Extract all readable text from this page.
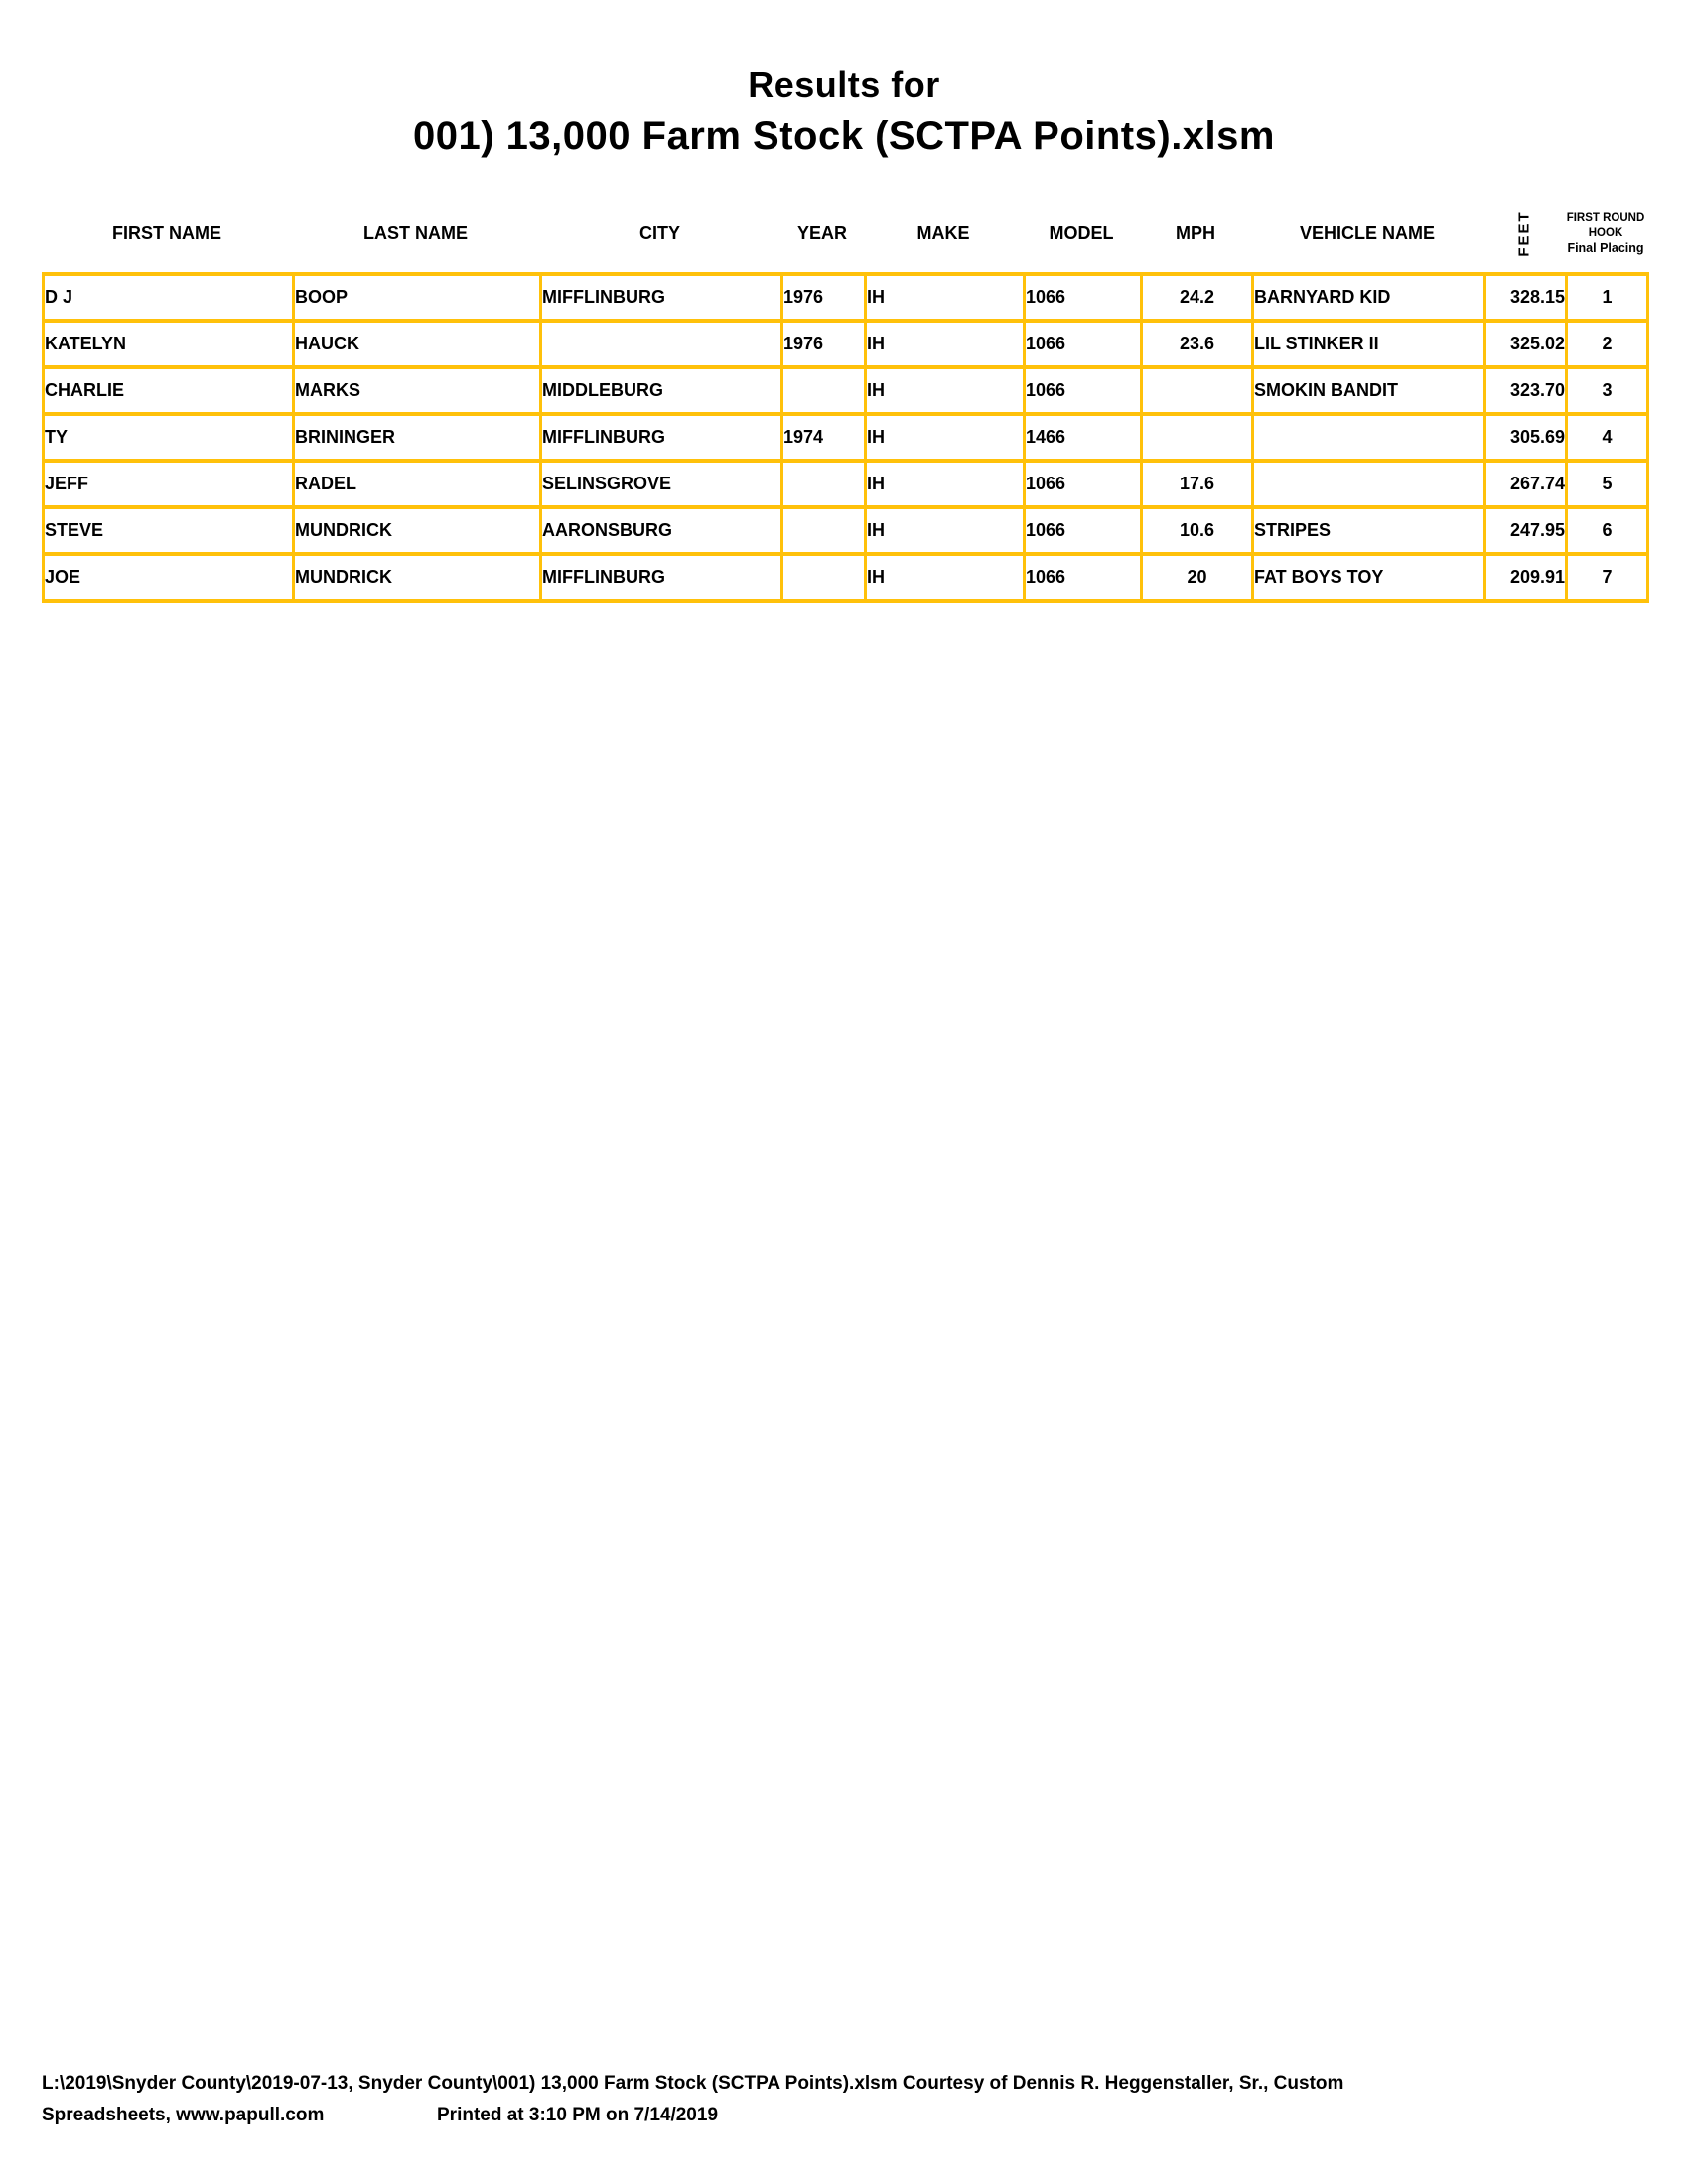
Results for
001) 13,000 Farm Stock (SCTPA Points).xlsm
FIRST NAME	LAST NAME	CITY	YEAR	MAKE	MODEL	MPH	VEHICLE NAME	FEET	FIRST ROUND
HOOK
Final Placing
D J	BOOP	MIFFLINBURG	1976	IH	1066	24.2	BARNYARD KID	328.15	1
KATELYN	HAUCK		1976	IH	1066	23.6	LIL STINKER II	325.02	2
CHARLIE	MARKS	MIDDLEBURG		IH	1066		SMOKIN BANDIT	323.70	3
TY	BRININGER	MIFFLINBURG	1974	IH	1466			305.69	4
JEFF	RADEL	SELINSGROVE		IH	1066	17.6		267.74	5
STEVE	MUNDRICK	AARONSBURG		IH	1066	10.6	STRIPES	247.95	6
JOE	MUNDRICK	MIFFLINBURG		IH	1066	20	FAT BOYS TOY	209.91	7
L:\2019\Snyder County\2019-07-13, Snyder County\001) 13,000 Farm Stock (SCTPA Points).xlsm Courtesy of Dennis R. Heggenstaller, Sr., Custom
Spreadsheets, www.papull.com	Printed at 3:10 PM on 7/14/2019
